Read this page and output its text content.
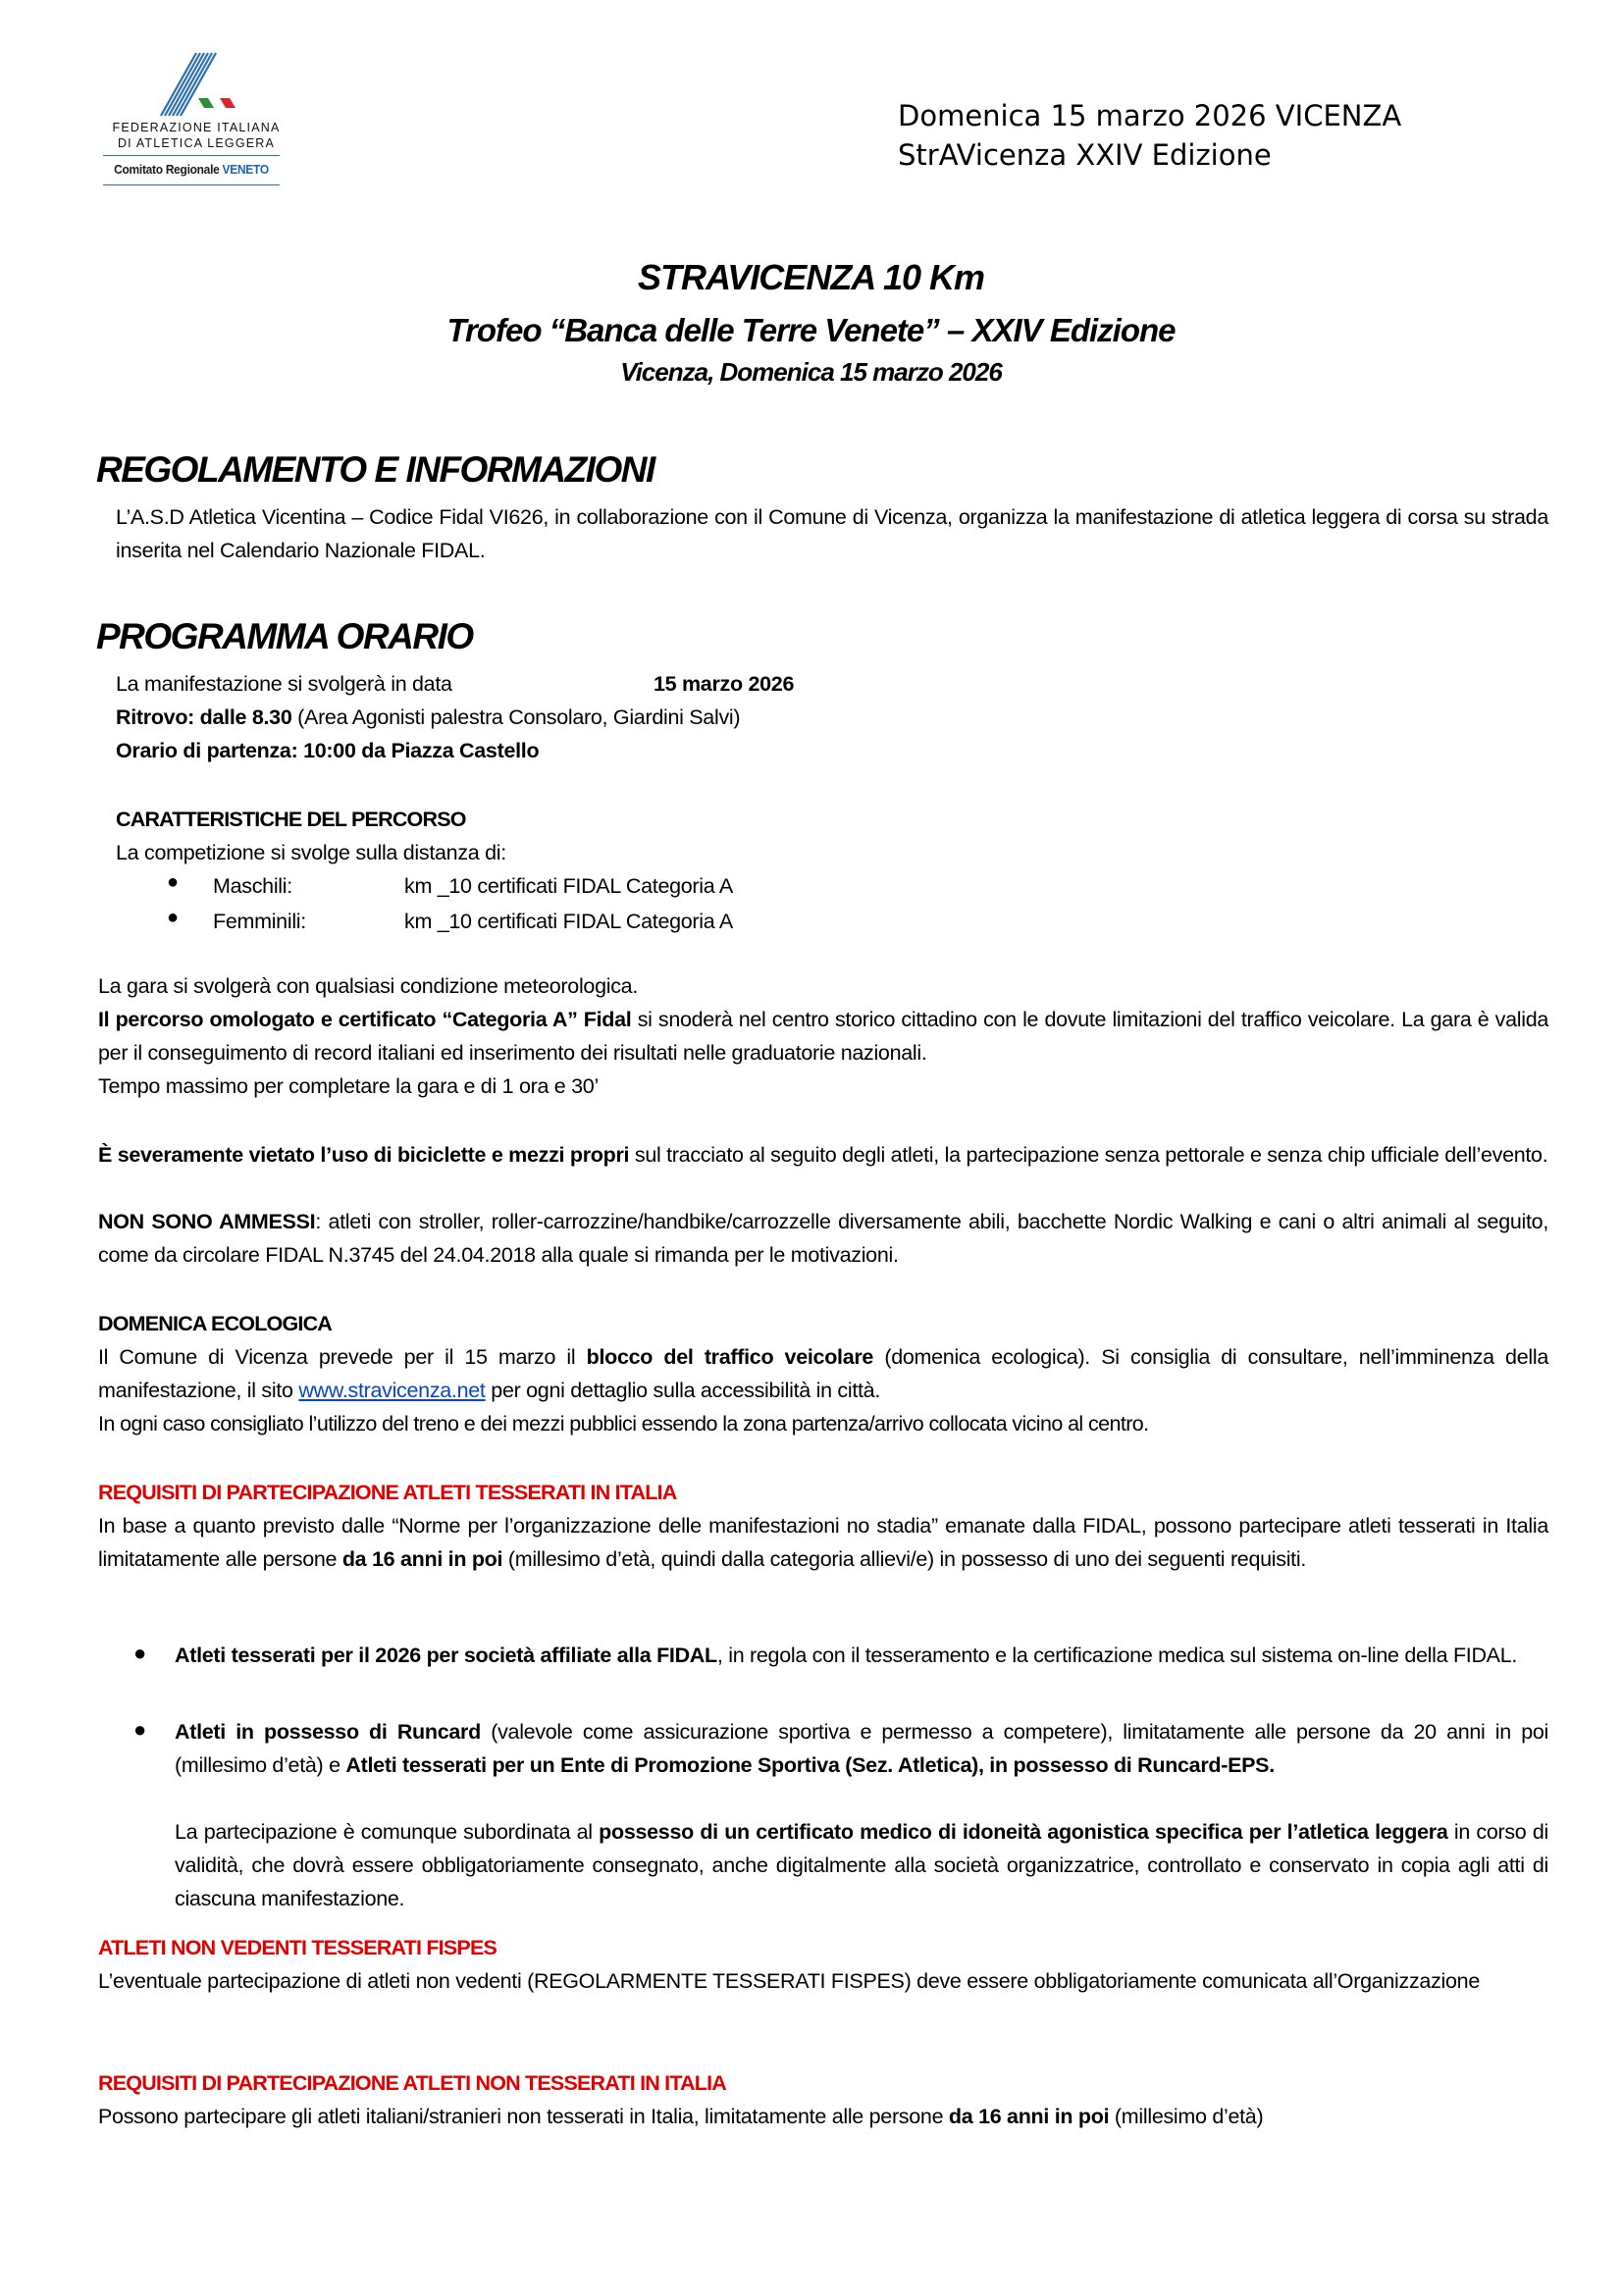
FEDERAZIONE ITALIANA
DI ATLETICA LEGGERA
Comitato Regionale VENETO
Domenica 15 marzo 2026 VICENZA
StrAVicenza XXIV Edizione
STRAVICENZA 10 Km
Trofeo “Banca delle Terre Venete” – XXIV Edizione
Vicenza, Domenica 15 marzo 2026
REGOLAMENTO E INFORMAZIONI
L’A.S.D Atletica Vicentina – Codice Fidal VI626, in collaborazione con il Comune di Vicenza, organizza la manifestazione di atletica leggera di corsa su strada inserita nel Calendario Nazionale FIDAL.
PROGRAMMA ORARIO
La manifestazione si svolgerà in data	15 marzo 2026
Ritrovo: dalle 8.30 (Area Agonisti palestra Consolaro, Giardini Salvi)
Orario di partenza: 10:00 da Piazza Castello
CARATTERISTICHE DEL PERCORSO
La competizione si svolge sulla distanza di:
● Maschili:	km _10 certificati FIDAL Categoria A
● Femminili:	km _10 certificati FIDAL Categoria A
La gara si svolgerà con qualsiasi condizione meteorologica.
Il percorso omologato e certificato “Categoria A” Fidal si snoderà nel centro storico cittadino con le dovute limitazioni del traffico veicolare. La gara è valida per il conseguimento di record italiani ed inserimento dei risultati nelle graduatorie nazionali.
Tempo massimo per completare la gara e di 1 ora e 30’
È severamente vietato l’uso di biciclette e mezzi propri sul tracciato al seguito degli atleti, la partecipazione senza pettorale e senza chip ufficiale dell’evento.
NON SONO AMMESSI: atleti con stroller, roller-carrozzine/handbike/carrozzelle diversamente abili, bacchette Nordic Walking e cani o altri animali al seguito, come da circolare FIDAL N.3745 del 24.04.2018 alla quale si rimanda per le motivazioni.
DOMENICA ECOLOGICA
Il Comune di Vicenza prevede per il 15 marzo il blocco del traffico veicolare (domenica ecologica). Si consiglia di consultare, nell’imminenza della manifestazione, il sito www.stravicenza.net per ogni dettaglio sulla accessibilità in città.
In ogni caso consigliato l’utilizzo del treno e dei mezzi pubblici essendo la zona partenza/arrivo collocata vicino al centro.
REQUISITI DI PARTECIPAZIONE ATLETI TESSERATI IN ITALIA
In base a quanto previsto dalle “Norme per l’organizzazione delle manifestazioni no stadia” emanate dalla FIDAL, possono partecipare atleti tesserati in Italia limitatamente alle persone da 16 anni in poi (millesimo d’età, quindi dalla categoria allievi/e) in possesso di uno dei seguenti requisiti.
● Atleti tesserati per il 2026 per società affiliate alla FIDAL, in regola con il tesseramento e la certificazione medica sul sistema on-line della FIDAL.
● Atleti in possesso di Runcard (valevole come assicurazione sportiva e permesso a competere), limitatamente alle persone da 20 anni in poi (millesimo d’età) e Atleti tesserati per un Ente di Promozione Sportiva (Sez. Atletica), in possesso di Runcard-EPS.
La partecipazione è comunque subordinata al possesso di un certificato medico di idoneità agonistica specifica per l’atletica leggera in corso di validità, che dovrà essere obbligatoriamente consegnato, anche digitalmente alla società organizzatrice, controllato e conservato in copia agli atti di ciascuna manifestazione.
ATLETI NON VEDENTI TESSERATI FISPES
L’eventuale partecipazione di atleti non vedenti (REGOLARMENTE TESSERATI FISPES) deve essere obbligatoriamente comunicata all’Organizzazione
REQUISITI DI PARTECIPAZIONE ATLETI NON TESSERATI IN ITALIA
Possono partecipare gli atleti italiani/stranieri non tesserati in Italia, limitatamente alle persone da 16 anni in poi (millesimo d’età)
